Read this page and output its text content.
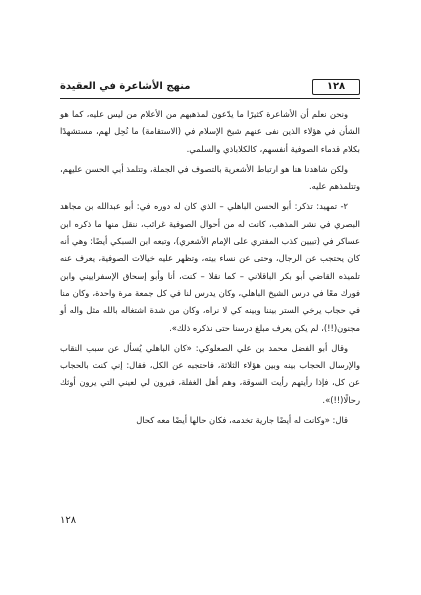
١٢٨
منهج الأشاعرة في العقيدة

ونحن نعلم أن الأشاعرة كثيرًا ما يدّعون لمذهبهم من الأعلام من ليس عليه، كما هو الشأن في هؤلاء الذين نفى عنهم شيخ الإسلام في (الاستقامة) ما نُحِل لهم، مستشهدًا بكلام قدماء الصوفية أنفسهم، كالكلاباذي والسلمي.

ولكن شاهدنا هنا هو ارتباط الأشعرية بالتصوف في الجملة، وتتلمذ أبي الحسن عليهم، وتتلمذهم عليه.

٢- تمهيد: تذكر: أبو الحسن الباهلي – الذي كان له دوره في: أبو عبدالله بن مجاهد البصري في نشر المذهب، كانت له من أحوال الصوفية غرائب، ننقل منها ما ذكره ابن عساكر في (تبيين كذب المفتري على الإمام الأشعري)، وتبعه ابن السبكي أيضًا: وهي أنه كان يحتجب عن الرجال، وحتى عن نساء بيته، وتظهر عليه خيالات الصوفية، يعرف عنه تلميذه القاضي أبو بكر الباقلاني – كما نقلا – كنت، أنا وأبو إسحاق الإسفراييني وابن فورك معًا في درس الشيخ الباهلي، وكان يدرس لنا في كل جمعة مرة واحدة، وكان منا في حجاب يرخي الستر بيننا وبينه كي لا نراه، وكان من شدة اشتغاله بالله مثل واله أو مجنون(!!)، لم يكن يعرف مبلغ درسنا حتى نذكره ذلك».

وقال أبو الفضل محمد بن علي الصعلوكي: «كان الباهلي يُسأل عن سبب النقاب والإرسال الحجاب بينه وبين هؤلاء الثلاثة، فاحتجبه عن الكل، فقال: إني كنت بالحجاب عن كل، فإذا رأيتهم رأيت السوقة، وهم أهل الغفلة، فيرون لي لعيني التي يرون أوثك رحالًا(!!)».

قال: «وكانت له أيضًا جارية تخدمه، فكان حالها أيضًا معه كحال

١٢٨
